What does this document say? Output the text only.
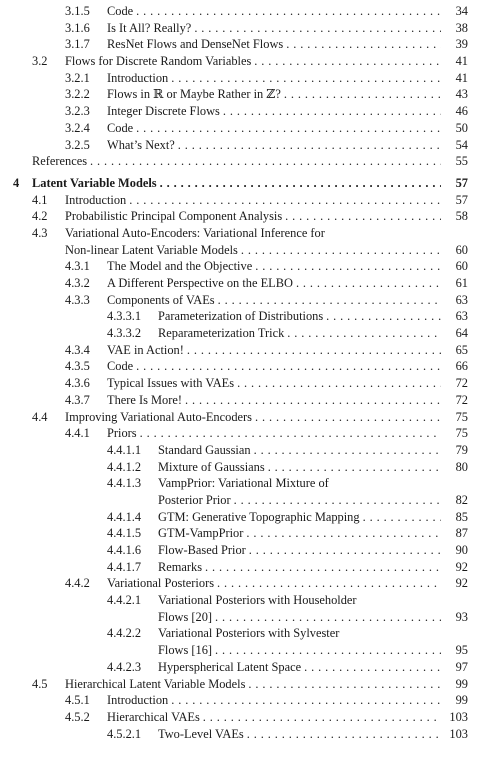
3.1.5 Code . . .	34
3.1.6 Is It All? Really? . . .	38
3.1.7 ResNet Flows and DenseNet Flows . . .	39
3.2 Flows for Discrete Random Variables . . .	41
3.2.1 Introduction . . .	41
3.2.2 Flows in ℝ or Maybe Rather in ℤ? . . .	43
3.2.3 Integer Discrete Flows . . .	46
3.2.4 Code . . .	50
3.2.5 What’s Next? . . .	54
References . . .	55
4 Latent Variable Models . . .	57
4.1 Introduction . . .	57
4.2 Probabilistic Principal Component Analysis . . .	58
4.3 Variational Auto-Encoders: Variational Inference for
Non-linear Latent Variable Models . . .	60
4.3.1 The Model and the Objective . . .	60
4.3.2 A Different Perspective on the ELBO . . .	61
4.3.3 Components of VAEs . . .	63
4.3.3.1 Parameterization of Distributions . . .	63
4.3.3.2 Reparameterization Trick . . .	64
4.3.4 VAE in Action! . . .	65
4.3.5 Code . . .	66
4.3.6 Typical Issues with VAEs . . .	72
4.3.7 There Is More! . . .	72
4.4 Improving Variational Auto-Encoders . . .	75
4.4.1 Priors . . .	75
4.4.1.1 Standard Gaussian . . .	79
4.4.1.2 Mixture of Gaussians . . .	80
4.4.1.3 VampPrior: Variational Mixture of
Posterior Prior . . .	82
4.4.1.4 GTM: Generative Topographic Mapping . . .	85
4.4.1.5 GTM-VampPrior . . .	87
4.4.1.6 Flow-Based Prior . . .	90
4.4.1.7 Remarks . . .	92
4.4.2 Variational Posteriors . . .	92
4.4.2.1 Variational Posteriors with Householder
Flows [20] . . .	93
4.4.2.2 Variational Posteriors with Sylvester
Flows [16] . . .	95
4.4.2.3 Hyperspherical Latent Space . . .	97
4.5 Hierarchical Latent Variable Models . . .	99
4.5.1 Introduction . . .	99
4.5.2 Hierarchical VAEs . . .	103
4.5.2.1 Two-Level VAEs . . .	103
